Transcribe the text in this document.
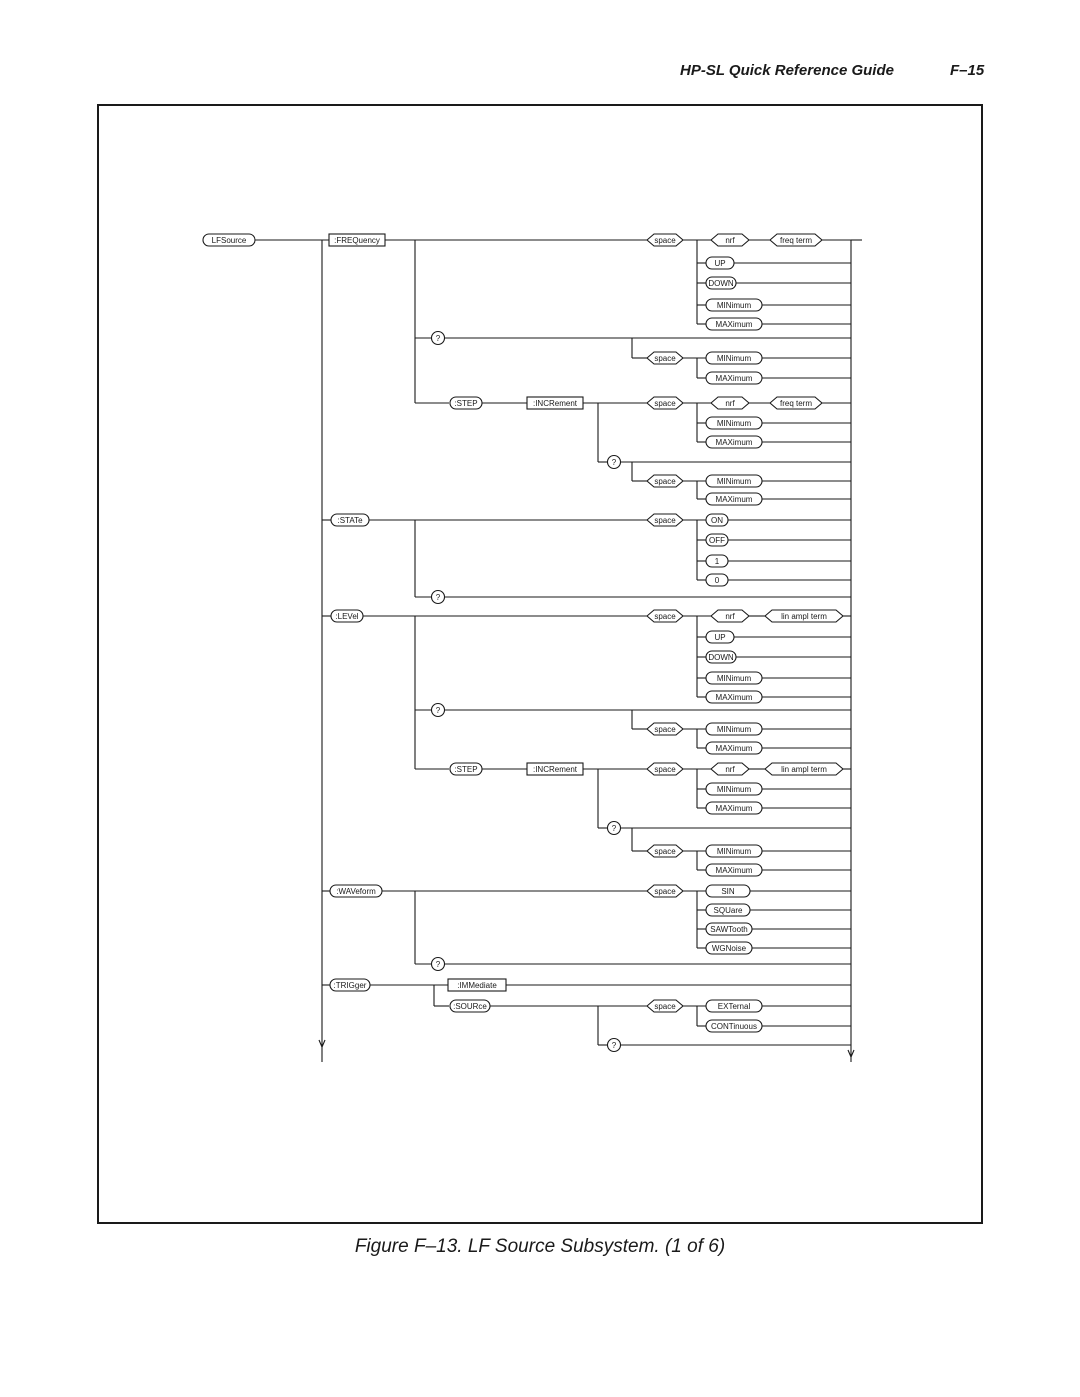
HP-SL Quick Reference Guide	F–15
LFSource	:FREQuency	space	nrf	freq term
UP
DOWN
MINimum
MAXimum
?
space	MINimum
MAXimum
:STEP	:INCRement	space	nrf	freq term
MINimum
MAXimum
?
space	MINimum
MAXimum
:STATe	space	ON
OFF
1
0
?
:LEVel	space	nrf	lin ampl term
UP
DOWN
MINimum
MAXimum
?
space	MINimum
MAXimum
:STEP	:INCRement	space	nrf	lin ampl term
MINimum
MAXimum
?
space	MINimum
MAXimum
:WAVeform	space	SIN
SQUare
SAWTooth
WGNoise
?
:TRIGger	:IMMediate
:SOURce	space	EXTernal
CONTinuous
?
Figure F–13. LF Source Subsystem. (1 of 6)
